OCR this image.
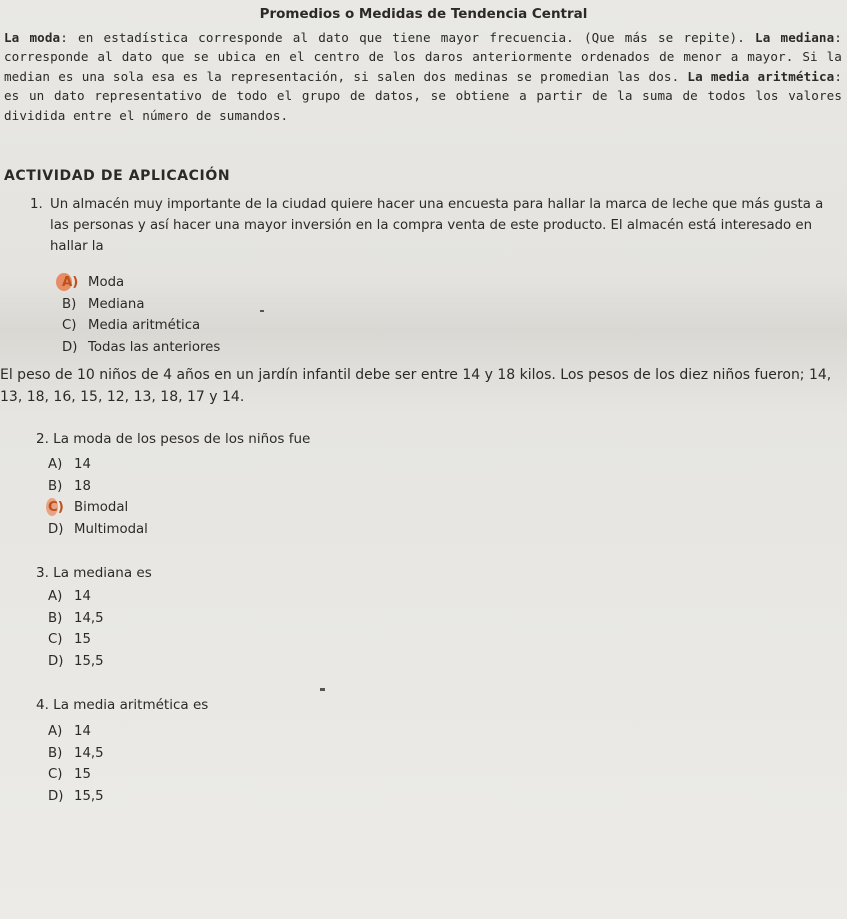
Promedios o Medidas de Tendencia Central
La moda: en estadística corresponde al dato que tiene mayor frecuencia. (Que más se repite). La mediana: corresponde al dato que se ubica en el centro de los daros anteriormente ordenados de menor a mayor. Si la median es una sola esa es la representación, si salen dos medinas se promedian las dos. La media aritmética: es un dato representativo de todo el grupo de datos, se obtiene a partir de la suma de todos los valores dividida entre el número de sumandos.
ACTIVIDAD DE APLICACIÓN
1. Un almacén muy importante de la ciudad quiere hacer una encuesta para hallar la marca de leche que más gusta a las personas y así hacer una mayor inversión en la compra venta de este producto. El almacén está interesado en hallar la
A) Moda
B) Mediana
C) Media aritmética
D) Todas las anteriores
El peso de 10 niños de 4 años en un jardín infantil debe ser entre 14 y 18 kilos. Los pesos de los diez niños fueron; 14, 13, 18, 16, 15, 12, 13, 18, 17 y 14.
2. La moda de los pesos de los niños fue
A) 14
B) 18
C) Bimodal
D) Multimodal
3. La mediana es
A) 14
B) 14,5
C) 15
D) 15,5
4. La media aritmética es
A) 14
B) 14,5
C) 15
D) 15,5
